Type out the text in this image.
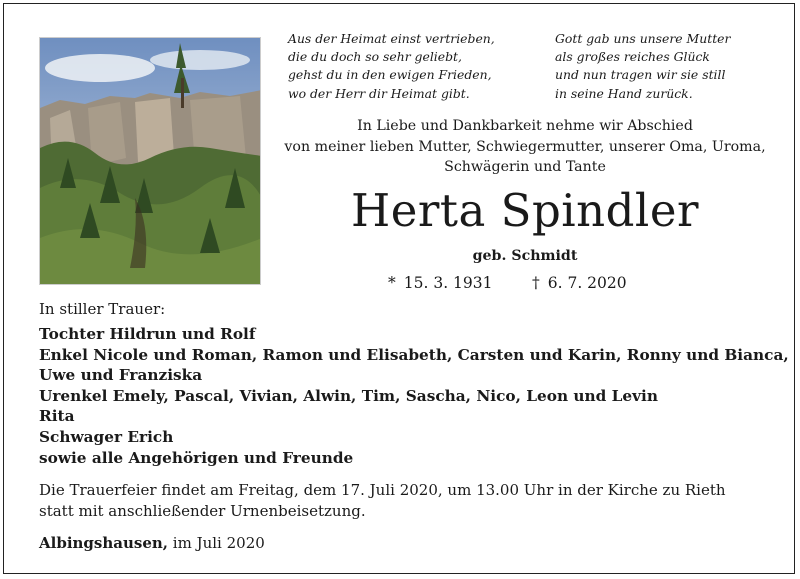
Aus der Heimat einst vertrieben,
die du doch so sehr geliebt,
gehst du in den ewigen Frieden,
wo der Herr dir Heimat gibt.
Gott gab uns unsere Mutter
als großes reiches Glück
und nun tragen wir sie still
in seine Hand zurück.
In Liebe und Dankbarkeit nehme wir Abschied
von meiner lieben Mutter, Schwiegermutter, unserer Oma, Uroma,
Schwägerin und Tante
Herta Spindler
geb. Schmidt
* 15. 3. 1931	† 6. 7. 2020
In stiller Trauer:
Tochter Hildrun und Rolf
Enkel Nicole und Roman, Ramon und Elisabeth, Carsten und Karin, Ronny und Bianca,
Uwe und Franziska
Urenkel Emely, Pascal, Vivian, Alwin, Tim, Sascha, Nico, Leon und Levin
Rita
Schwager Erich
sowie alle Angehörigen und Freunde
Die Trauerfeier findet am Freitag, dem 17. Juli 2020, um 13.00 Uhr in der Kirche zu Rieth
statt mit anschließender Urnenbeisetzung.
Albingshausen, im Juli 2020
